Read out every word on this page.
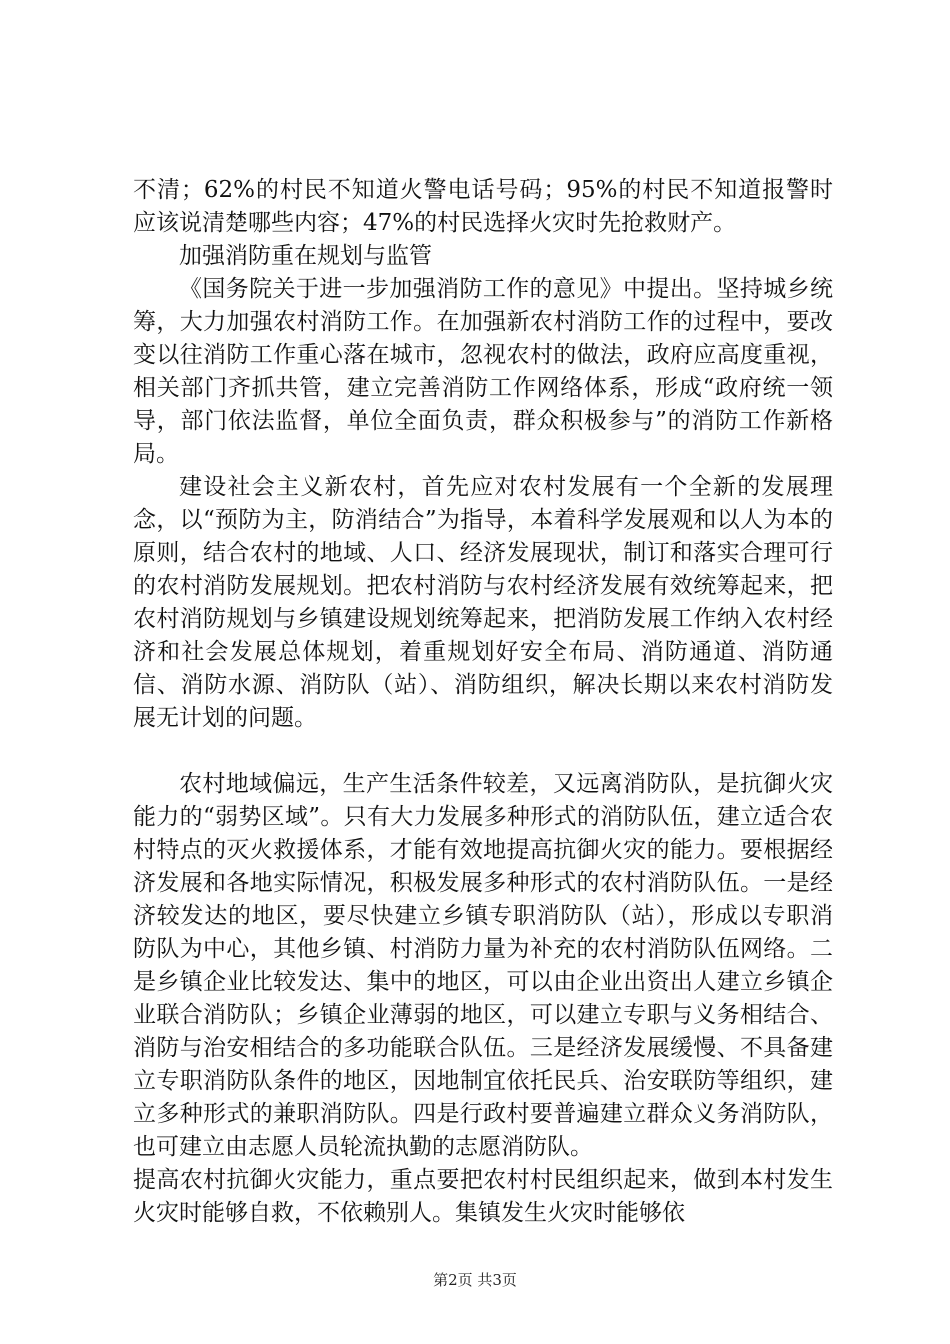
不清；62%的村民不知道火警电话号码；95%的村民不知道报警时应该说清楚哪些内容；47%的村民选择火灾时先抢救财产。

加强消防重在规划与监管

《国务院关于进一步加强消防工作的意见》中提出。坚持城乡统筹，大力加强农村消防工作。在加强新农村消防工作的过程中，要改变以往消防工作重心落在城市，忽视农村的做法，政府应高度重视，相关部门齐抓共管，建立完善消防工作网络体系，形成“政府统一领导，部门依法监督，单位全面负责，群众积极参与”的消防工作新格局。

建设社会主义新农村，首先应对农村发展有一个全新的发展理念，以“预防为主，防消结合”为指导，本着科学发展观和以人为本的原则，结合农村的地域、人口、经济发展现状，制订和落实合理可行的农村消防发展规划。把农村消防与农村经济发展有效统筹起来，把农村消防规划与乡镇建设规划统筹起来，把消防发展工作纳入农村经济和社会发展总体规划，着重规划好安全布局、消防通道、消防通信、消防水源、消防队（站）、消防组织，解决长期以来农村消防发展无计划的问题。

农村地域偏远，生产生活条件较差，又远离消防队，是抗御火灾能力的“弱势区域”。只有大力发展多种形式的消防队伍，建立适合农村特点的灭火救援体系，才能有效地提高抗御火灾的能力。要根据经济发展和各地实际情况，积极发展多种形式的农村消防队伍。一是经济较发达的地区，要尽快建立乡镇专职消防队（站），形成以专职消防队为中心，其他乡镇、村消防力量为补充的农村消防队伍网络。二是乡镇企业比较发达、集中的地区，可以由企业出资出人建立乡镇企业联合消防队；乡镇企业薄弱的地区，可以建立专职与义务相结合、消防与治安相结合的多功能联合队伍。三是经济发展缓慢、不具备建立专职消防队条件的地区，因地制宜依托民兵、治安联防等组织，建立多种形式的兼职消防队。四是行政村要普遍建立群众义务消防队，也可建立由志愿人员轮流执勤的志愿消防队。

提高农村抗御火灾能力，重点要把农村村民组织起来，做到本村发生火灾时能够自救，不依赖别人。集镇发生火灾时能够依

第2页 共3页
